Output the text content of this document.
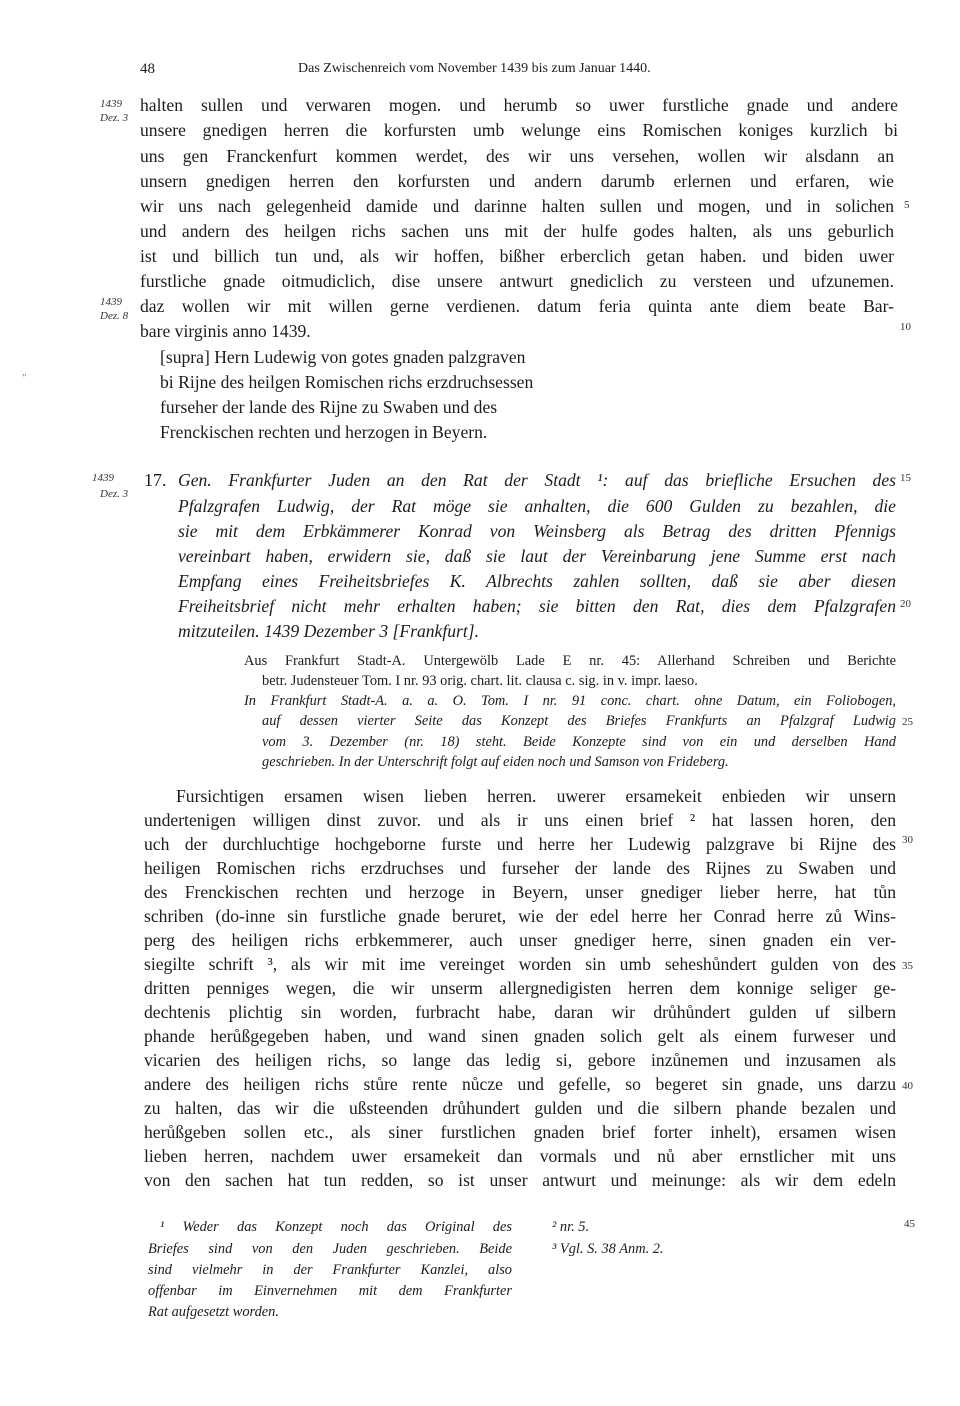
48	Das Zwischenreich vom November 1439 bis zum Januar 1440.
1439
Dez. 3
halten sullen und verwaren mogen. und herumb so uwer furstliche gnade und andere
unsere gnedigen herren die korfursten umb welunge eins Romischen koniges kurzlich bi
uns gen Franckenfurt kommen werdet, des wir uns versehen, wollen wir alsdann an
unsern gnedigen herren den korfursten und andern darumb erlernen und erfaren, wie
wir uns nach gelegenheid damide und darinne halten sullen und mogen, und in solichen
und andern des heilgen richs sachen uns mit der hulfe godes halten, als uns geburlich
ist und billich tun und, als wir hoffen, bißher erberclich getan haben. und biden uwer
furstliche gnade oitmudiclich, dise unsere antwurt gnediclich zu versteen und ufzunemen.
daz wollen wir mit willen gerne verdienen. datum feria quinta ante diem beate Bar-
bare virginis anno 1439.
1439
Dez. 8
[supra] Hern Ludewig von gotes gnaden palzgraven
bi Rijne des heilgen Romischen richs erzdruchsessen
furseher der lande des Rijne zu Swaben und des
Frenckischen rechten und herzogen in Beyern.
"
5
10
15
20
25
30
35
40
45
1439
Dez. 3
17. Gen. Frankfurter Juden an den Rat der Stadt ¹: auf das briefliche Ersuchen des
Pfalzgrafen Ludwig, der Rat möge sie anhalten, die 600 Gulden zu bezahlen, die
sie mit dem Erbkämmerer Konrad von Weinsberg als Betrag des dritten Pfennigs
vereinbart haben, erwidern sie, daß sie laut der Vereinbarung jene Summe erst nach
Empfang eines Freiheitsbriefes K. Albrechts zahlen sollten, daß sie aber diesen
Freiheitsbrief nicht mehr erhalten haben; sie bitten den Rat, dies dem Pfalzgrafen
mitzuteilen. 1439 Dezember 3 [Frankfurt].
Aus Frankfurt Stadt-A. Untergewölb Lade E nr. 45: Allerhand Schreiben und Berichte
betr. Judensteuer Tom. I nr. 93 orig. chart. lit. clausa c. sig. in v. impr. laeso.
In Frankfurt Stadt-A. a. a. O. Tom. I nr. 91 conc. chart. ohne Datum, ein Foliobogen,
auf dessen vierter Seite das Konzept des Briefes Frankfurts an Pfalzgraf Ludwig
vom 3. Dezember (nr. 18) steht. Beide Konzepte sind von ein und derselben Hand
geschrieben. In der Unterschrift folgt auf eiden noch und Samson von Frideberg.
Fursichtigen ersamen wisen lieben herren. uwerer ersamekeit enbieden wir unsern
undertenigen willigen dinst zuvor. und als ir uns einen brief ² hat lassen horen, den
uch der durchluchtige hochgeborne furste und herre her Ludewig palzgrave bi Rijne des
heiligen Romischen richs erzdruchses und furseher der lande des Rijnes zu Swaben und
des Frenckischen rechten und herzoge in Beyern, unser gnediger lieber herre, hat tůn
schriben (do-inne sin furstliche gnade beruret, wie der edel herre her Conrad herre zů Wins-
perg des heiligen richs erbkemmerer, auch unser gnediger herre, sinen gnaden ein ver-
siegilte schrift ³, als wir mit ime vereinget worden sin umb seheshůndert gulden von des
dritten penniges wegen, die wir unserm allergnedigisten herren dem konnige seliger ge-
dechtenis plichtig sin worden, furbracht habe, daran wir drůhůndert gulden uf silbern
phande herůßgegeben haben, und wand sinen gnaden solich gelt als einem furweser und
vicarien des heiligen richs, so lange das ledig si, gebore inzůnemen und inzusamen als
andere des heiligen richs stůre rente nůcze und gefelle, so begeret sin gnade, uns darzu
zu halten, das wir die ußsteenden drůhundert gulden und die silbern phande bezalen und
herůßgeben sollen etc., als siner furstlichen gnaden brief forter inhelt), ersamen wisen
lieben herren, nachdem uwer ersamekeit dan vormals und nů aber ernstlicher mit uns
von den sachen hat tun redden, so ist unser antwurt und meinunge: als wir dem edeln
¹ Weder das Konzept noch das Original des
Briefes sind von den Juden geschrieben. Beide
sind vielmehr in der Frankfurter Kanzlei, also
offenbar im Einvernehmen mit dem Frankfurter
Rat aufgesetzt worden.
² nr. 5.
³ Vgl. S. 38 Anm. 2.
